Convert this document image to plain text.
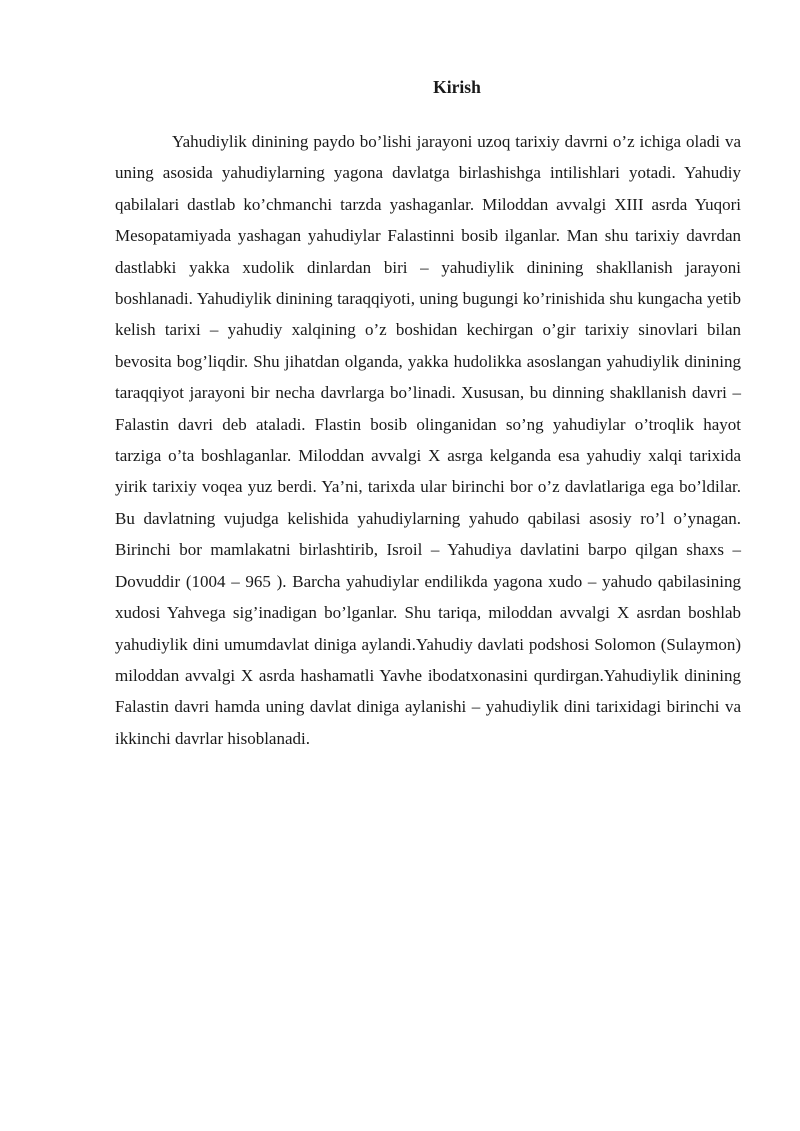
Kirish

Yahudiylik dinining paydo bo’lishi jarayoni uzoq tarixiy davrni o’z ichiga oladi va uning asosida yahudiylarning yagona davlatga birlashishga intilishlari yotadi. Yahudiy qabilalari dastlab ko’chmanchi tarzda yashaganlar. Miloddan avvalgi XIII asrda Yuqori Mesopatamiyada yashagan yahudiylar Falastinni bosib ilganlar. Man shu tarixiy davrdan dastlabki yakka xudolik dinlardan biri – yahudiylik dinining shakllanish jarayoni boshlanadi. Yahudiylik dinining taraqqiyoti, uning bugungi ko’rinishida shu kungacha yetib kelish tarixi – yahudiy xalqining o’z boshidan kechirgan o’gir tarixiy sinovlari bilan bevosita bog’liqdir. Shu jihatdan olganda, yakka hudolikka asoslangan yahudiylik dinining taraqqiyot jarayoni bir necha davrlarga bo’linadi. Xususan, bu dinning shakllanish davri – Falastin davri deb ataladi. Flastin bosib olinganidan so’ng yahudiylar o’troqlik hayot tarziga o’ta boshlaganlar. Miloddan avvalgi X asrga kelganda esa yahudiy xalqi tarixida yirik tarixiy voqea yuz berdi. Ya’ni, tarixda ular birinchi bor o’z davlatlariga ega bo’ldilar. Bu davlatning vujudga kelishida yahudiylarning yahudo qabilasi asosiy ro’l o’ynagan. Birinchi bor mamlakatni birlashtirib, Isroil – Yahudiya davlatini barpo qilgan shaxs – Dovuddir (1004 – 965 ). Barcha yahudiylar endilikda yagona xudo – yahudo qabilasining xudosi Yahvega sig’inadigan bo’lganlar. Shu tariqa, miloddan avvalgi X asrdan boshlab yahudiylik dini umumdavlat diniga aylandi.Yahudiy davlati podshosi Solomon (Sulaymon) miloddan avvalgi X asrda hashamatli Yavhe ibodatxonasini qurdirgan.Yahudiylik dinining Falastin davri hamda uning davlat diniga aylanishi – yahudiylik dini tarixidagi birinchi va ikkinchi davrlar hisoblanadi.
